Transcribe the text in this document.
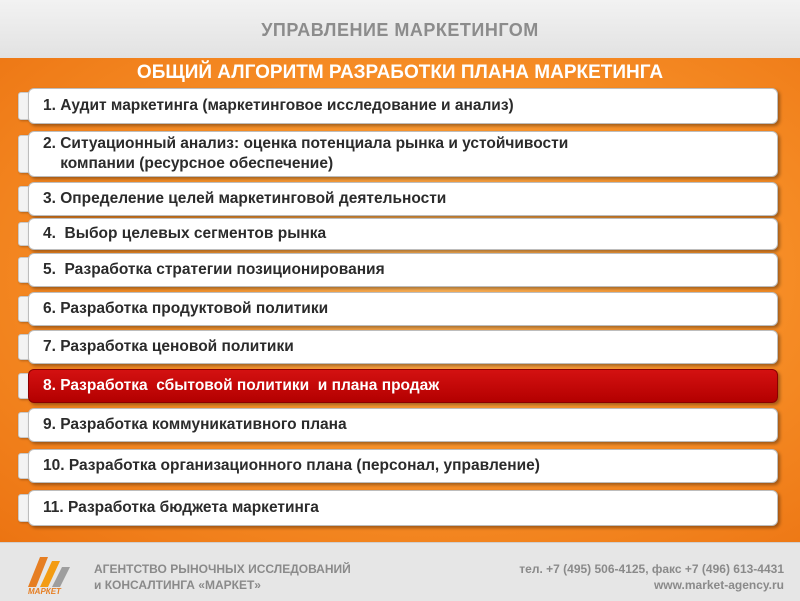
УПРАВЛЕНИЕ МАРКЕТИНГОМ
ОБЩИЙ АЛГОРИТМ РАЗРАБОТКИ ПЛАНА МАРКЕТИНГА
1. Аудит маркетинга (маркетинговое исследование и анализ)
2. Ситуационный анализ: оценка потенциала рынка и устойчивости
компании (ресурсное обеспечение)
3. Определение целей маркетинговой деятельности
4.  Выбор целевых сегментов рынка
5.  Разработка стратегии позиционирования
6. Разработка продуктовой политики
7. Разработка ценовой политики
8. Разработка  сбытовой политики  и плана продаж
9. Разработка коммуникативного плана
10. Разработка организационного плана (персонал, управление)
11. Разработка бюджета маркетинга
МАРКЕТ
АГЕНТСТВО РЫНОЧНЫХ ИССЛЕДОВАНИЙ
и КОНСАЛТИНГА «МАРКЕТ»
тел. +7 (495) 506-4125, факс +7 (496) 613-4431
www.market-agency.ru
